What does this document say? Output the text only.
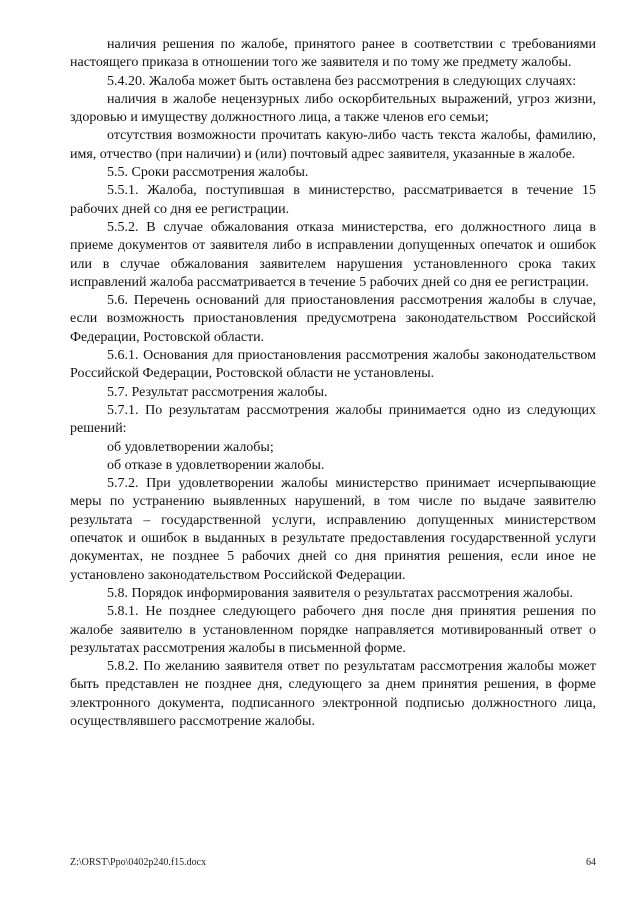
наличия решения по жалобе, принятого ранее в соответствии с требованиями настоящего приказа в отношении того же заявителя и по тому же предмету жалобы.

5.4.20. Жалоба может быть оставлена без рассмотрения в следующих случаях:

наличия в жалобе нецензурных либо оскорбительных выражений, угроз жизни, здоровью и имуществу должностного лица, а также членов его семьи;

отсутствия возможности прочитать какую-либо часть текста жалобы, фамилию, имя, отчество (при наличии) и (или) почтовый адрес заявителя, указанные в жалобе.

5.5. Сроки рассмотрения жалобы.

5.5.1. Жалоба, поступившая в министерство, рассматривается в течение 15 рабочих дней со дня ее регистрации.

5.5.2. В случае обжалования отказа министерства, его должностного лица в приеме документов от заявителя либо в исправлении допущенных опечаток и ошибок или в случае обжалования заявителем нарушения установленного срока таких исправлений жалоба рассматривается в течение 5 рабочих дней со дня ее регистрации.

5.6. Перечень оснований для приостановления рассмотрения жалобы в случае, если возможность приостановления предусмотрена законодательством Российской Федерации, Ростовской области.

5.6.1. Основания для приостановления рассмотрения жалобы законодательством Российской Федерации, Ростовской области не установлены.

5.7. Результат рассмотрения жалобы.

5.7.1. По результатам рассмотрения жалобы принимается одно из следующих решений:

об удовлетворении жалобы;

об отказе в удовлетворении жалобы.

5.7.2. При удовлетворении жалобы министерство принимает исчерпывающие меры по устранению выявленных нарушений, в том числе по выдаче заявителю результата – государственной услуги, исправлению допущенных министерством опечаток и ошибок в выданных в результате предоставления государственной услуги документах, не позднее 5 рабочих дней со дня принятия решения, если иное не установлено законодательством Российской Федерации.

5.8. Порядок информирования заявителя о результатах рассмотрения жалобы.

5.8.1. Не позднее следующего рабочего дня после дня принятия решения по жалобе заявителю в установленном порядке направляется мотивированный ответ о результатах рассмотрения жалобы в письменной форме.

5.8.2. По желанию заявителя ответ по результатам рассмотрения жалобы может быть представлен не позднее дня, следующего за днем принятия решения, в форме электронного документа, подписанного электронной подписью должностного лица, осуществлявшего рассмотрение жалобы.

Z:\ORST\Ppo\0402p240.f15.docx	64
